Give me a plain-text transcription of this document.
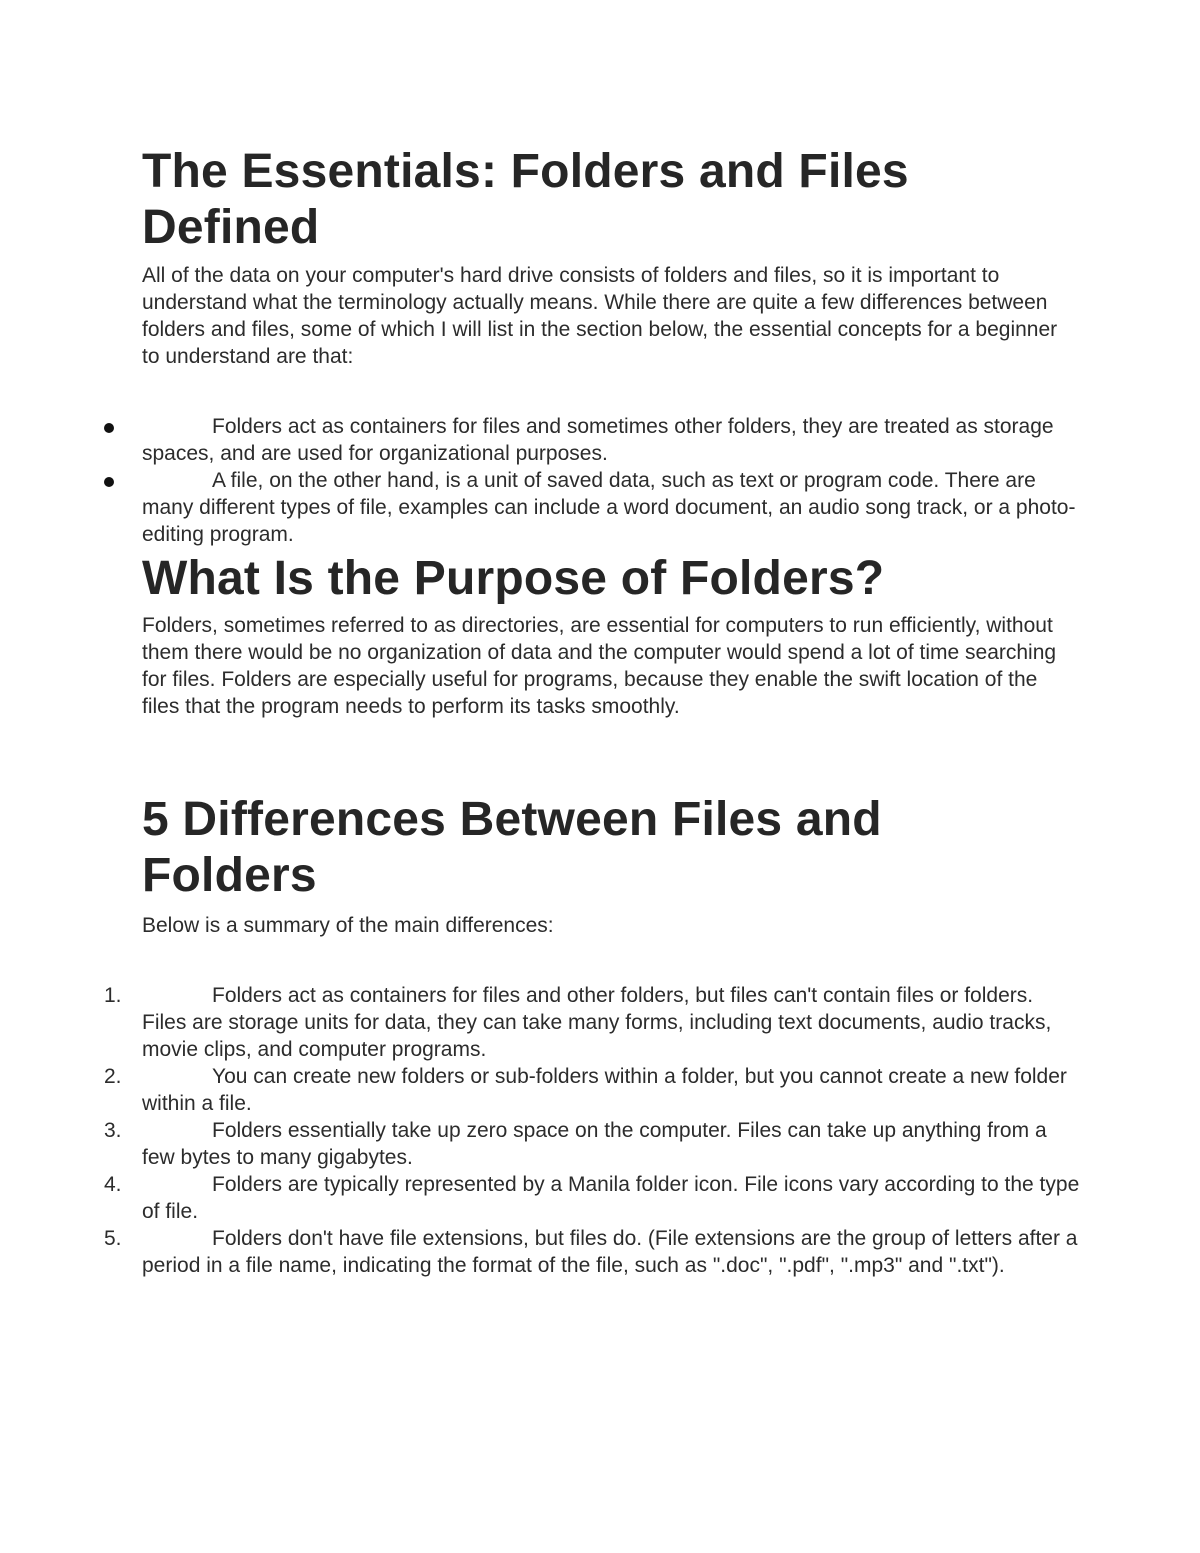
The Essentials: Folders and Files Defined

All of the data on your computer's hard drive consists of folders and files, so it is important to understand what the terminology actually means. While there are quite a few differences between folders and files, some of which I will list in the section below, the essential concepts for a beginner to understand are that:

Folders act as containers for files and sometimes other folders, they are treated as storage spaces, and are used for organizational purposes.
A file, on the other hand, is a unit of saved data, such as text or program code. There are many different types of file, examples can include a word document, an audio song track, or a photo-editing program.
What Is the Purpose of Folders?

Folders, sometimes referred to as directories, are essential for computers to run efficiently, without them there would be no organization of data and the computer would spend a lot of time searching for files. Folders are especially useful for programs, because they enable the swift location of the files that the program needs to perform its tasks smoothly.

5 Differences Between Files and Folders

Below is a summary of the main differences:

1.	Folders act as containers for files and other folders, but files can't contain files or folders. Files are storage units for data, they can take many forms, including text documents, audio tracks, movie clips, and computer programs.
2.	You can create new folders or sub-folders within a folder, but you cannot create a new folder within a file.
3.	Folders essentially take up zero space on the computer. Files can take up anything from a few bytes to many gigabytes.
4.	Folders are typically represented by a Manila folder icon. File icons vary according to the type of file.
5.	Folders don't have file extensions, but files do. (File extensions are the group of letters after a period in a file name, indicating the format of the file, such as ".doc", ".pdf", ".mp3" and ".txt").
